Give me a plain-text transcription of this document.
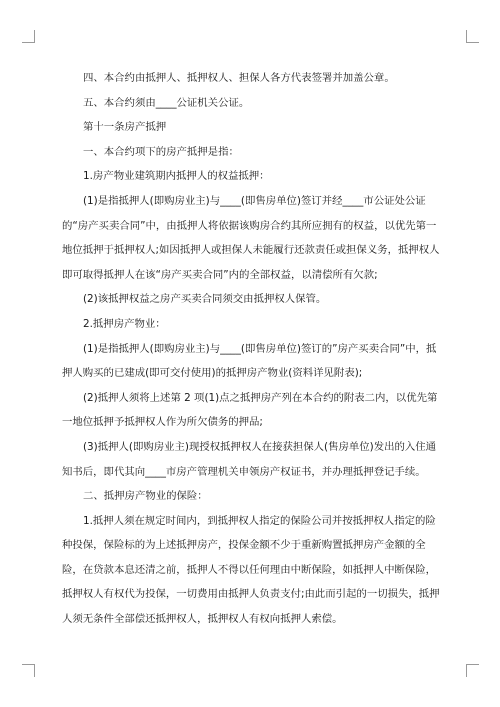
四、本合约由抵押人、抵押权人、担保人各方代表签署并加盖公章。

五、本合约须由____公证机关公证。

第十一条房产抵押

一、本合约项下的房产抵押是指：

1.房产物业建筑期内抵押人的权益抵押：

(1)是指抵押人(即购房业主)与____(即售房单位)签订并经____市公证处公证的“房产买卖合同”中，由抵押人将依据该购房合约其所应拥有的权益，以优先第一地位抵押于抵押权人;如因抵押人或担保人未能履行还款责任或担保义务，抵押权人即可取得抵押人在该“房产买卖合同”内的全部权益，以清偿所有欠款;

(2)该抵押权益之房产买卖合同须交由抵押权人保管。

2.抵押房产物业：

(1)是指抵押人(即购房业主)与____(即售房单位)签订的”房产买卖合同”中，抵押人购买的已建成(即可交付使用)的抵押房产物业(资料详见附表);

(2)抵押人须将上述第 2 项(1)点之抵押房产列在本合约的附表二内，以优先第一地位抵押予抵押权人作为所欠债务的押品;

(3)抵押人(即购房业主)现授权抵押权人在接获担保人(售房单位)发出的入住通知书后，即代其向____市房产管理机关申领房产权证书，并办理抵押登记手续。

二、抵押房产物业的保险：

1.抵押人须在规定时间内，到抵押权人指定的保险公司并按抵押权人指定的险种投保，保险标的为上述抵押房产，投保金额不少于重新购置抵押房产金额的全险，在贷款本息还清之前，抵押人不得以任何理由中断保险，如抵押人中断保险，抵押权人有权代为投保，一切费用由抵押人负责支付;由此而引起的一切损失，抵押人须无条件全部偿还抵押权人，抵押权人有权向抵押人索偿。
